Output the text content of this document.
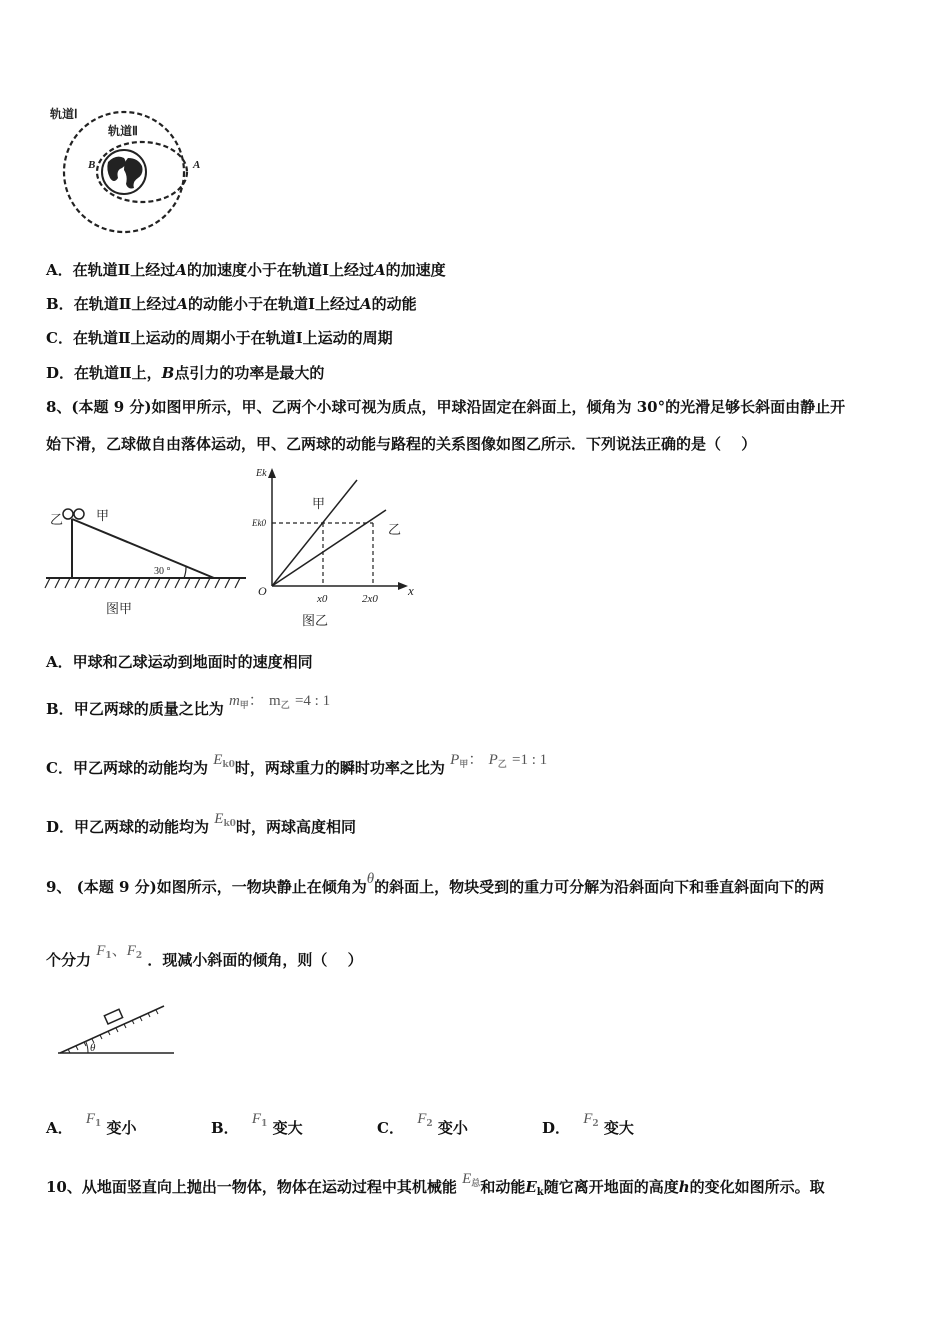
轨道Ⅰ
轨道Ⅱ
B	A
A．在轨道Ⅱ上经过A的加速度小于在轨道Ⅰ上经过A的加速度
B．在轨道Ⅱ上经过A的动能小于在轨道Ⅰ上经过A的动能
C．在轨道Ⅱ上运动的周期小于在轨道Ⅰ上运动的周期
D．在轨道Ⅱ上，B点引力的功率是最大的
8、(本题 9 分)如图甲所示，甲、乙两个小球可视为质点，甲球沿固定在斜面上，倾角为 30°的光滑足够长斜面由静止开
始下滑，乙球做自由落体运动，甲、乙两球的动能与路程的关系图像如图乙所示．下列说法正确的是（　 ）
乙	甲
30 °
图甲
Ek
Ek0
甲
乙
O	x
x0	2x0
图乙
A．甲球和乙球运动到地面时的速度相同
B．甲乙两球的质量之比为 $m_甲$： $m_乙 =4$ : 1
C．甲乙两球的动能均为 $E_{k0}$时，两球重力的瞬时功率之比为 $P_甲$： $P_乙 =1$ : 1
D．甲乙两球的动能均为 $E_{k0}$时，两球高度相同
9、 (本题 9 分)如图所示，一物块静止在倾角为θ的斜面上，物块受到的重力可分解为沿斜面向下和垂直斜面向下的两
个分力 $F_1$、$F_2$ ．现减小斜面的倾角，则（　 ）
θ
A． $F_1$ 变小	B． $F_1$ 变大	C． $F_2$ 变小	D． $F_2$ 变大
10、从地面竖直向上抛出一物体，物体在运动过程中其机械能 $E_总$和动能$E_k$随它离开地面的高度h的变化如图所示。取
